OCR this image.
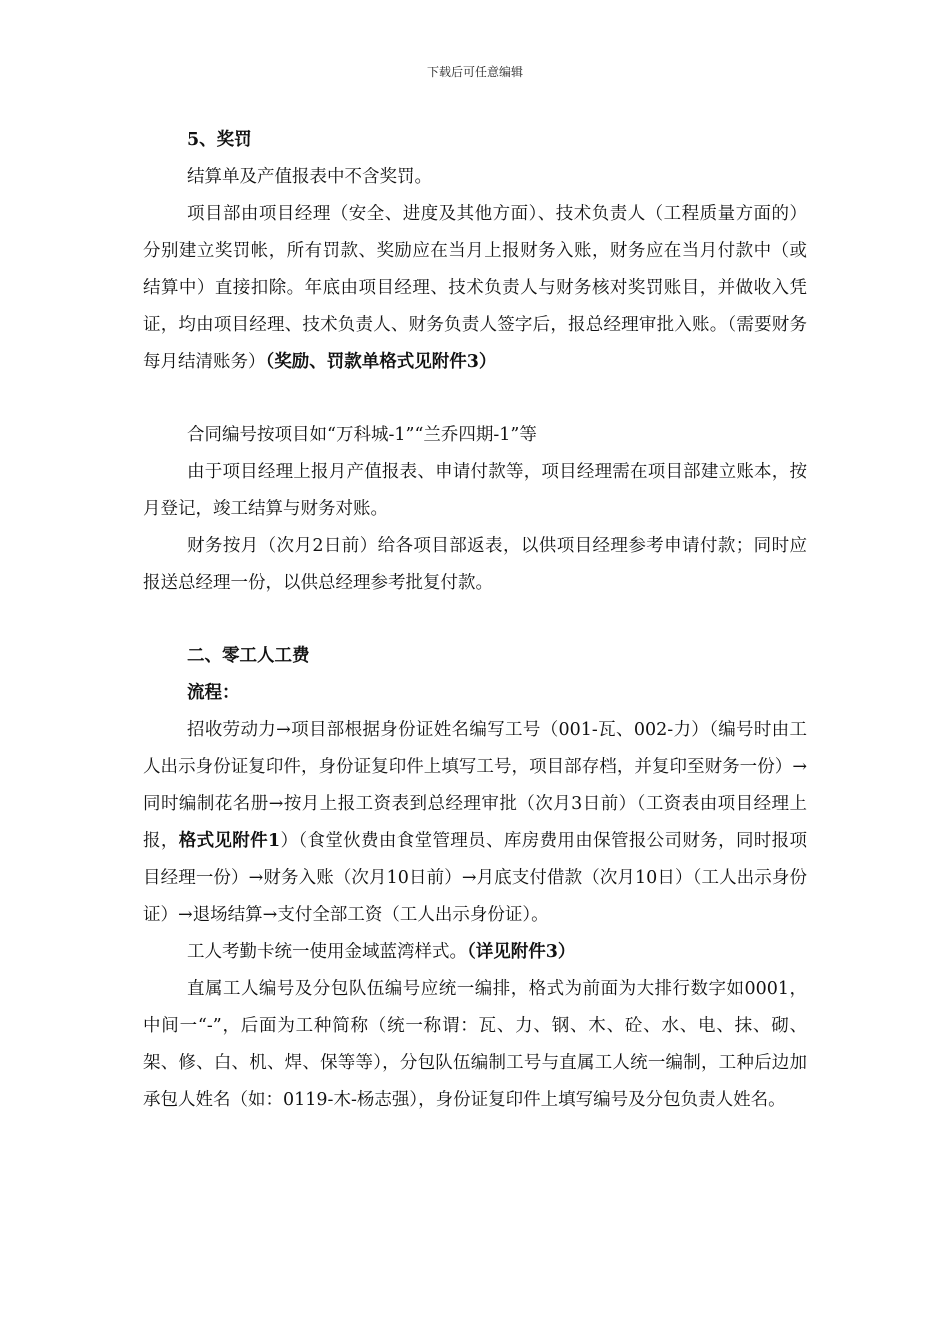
下载后可任意编辑

5、奖罚

结算单及产值报表中不含奖罚。

项目部由项目经理（安全、进度及其他方面）、技术负责人（工程质量方面的）分别建立奖罚帐，所有罚款、奖励应在当月上报财务入账，财务应在当月付款中（或结算中）直接扣除。年底由项目经理、技术负责人与财务核对奖罚账目，并做收入凭证，均由项目经理、技术负责人、财务负责人签字后，报总经理审批入账。（需要财务每月结清账务）（奖励、罚款单格式见附件3）

合同编号按项目如“万科城-1”“兰乔四期-1”等

由于项目经理上报月产值报表、申请付款等，项目经理需在项目部建立账本，按月登记，竣工结算与财务对账。

财务按月（次月2日前）给各项目部返表，以供项目经理参考申请付款；同时应报送总经理一份，以供总经理参考批复付款。

二、零工人工费

流程：

招收劳动力→项目部根据身份证姓名编写工号（001-瓦、002-力）（编号时由工人出示身份证复印件，身份证复印件上填写工号，项目部存档，并复印至财务一份）→同时编制花名册→按月上报工资表到总经理审批（次月3日前）（工资表由项目经理上报，格式见附件1）（食堂伙费由食堂管理员、库房费用由保管报公司财务，同时报项目经理一份）→财务入账（次月10日前）→月底支付借款（次月10日）（工人出示身份证）→退场结算→支付全部工资（工人出示身份证）。

工人考勤卡统一使用金域蓝湾样式。（详见附件3）

直属工人编号及分包队伍编号应统一编排，格式为前面为大排行数字如0001，中间一“-”，后面为工种简称（统一称谓：瓦、力、钢、木、砼、水、电、抹、砌、架、修、白、机、焊、保等等），分包队伍编制工号与直属工人统一编制，工种后边加承包人姓名（如：0119-木-杨志强），身份证复印件上填写编号及分包负责人姓名。
